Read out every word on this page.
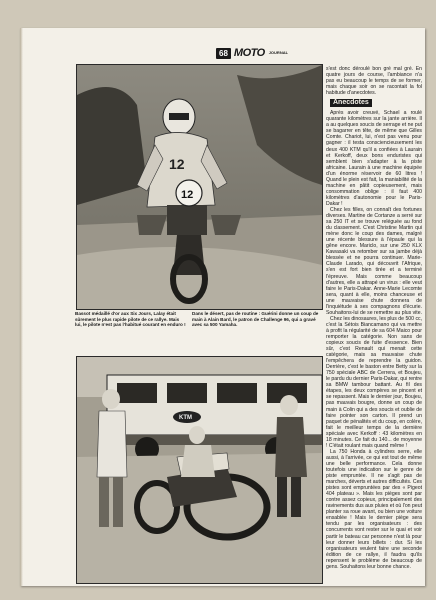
68 MOTO JOURNAL
12
12
Bassot médaillé d'or aux Six Jours, Lalay était sûrement le plus rapide pilote de ce rallye. Mais lui, le pilote n'est pas l'habitué courant en enduro !
Dans le désert, pas de routine : Guérini donne un coup de main à Alain Bard, le patron de Challenge 96, qui a gravé avec sa 500 Yamaha.
KTM

s'est donc déroulé bon gré mal gré. En quatre jours de course, l'ambiance n'a pas eu beaucoup le temps de se former, mais chaque soir on se racontait la fol habitude d'anecdotes.

Anecdotes

Après avoir creuvé, Schael a roulé quarante kilomètres sur la jante arrière. Il a au quelques soucis de serrage et ne put se bagarrer en tête, de même que Gilles Comte. Chariot, lui, n'est pas venu pour gagner : il testa consciencieusement les deux 400 KTM qu'il a confiées à Laurain et Kerkoff, deux bons enduristes qui semblent bien s'adapter à la piste africaine. Laurain à une machine équipée d'un énorme réservoir de 60 litres ! Quand le plein est fait, la maniabilité de la machine en pâtit copieusement, mais consommation oblige : il faut 400 kilomètres d'autonomie pour le Paris-Dakar !

Chez les filles, on connaît des fortunes diverses. Martine de Cortanze a serré sur sa 250 IT et se trouve reléguée au fond du classement. C'est Christine Martin qui mène donc le coup des dames, malgré une récente blessure à l'épaule qui la gêne encore. Mariclo, sur une 250 KLX Kawasaki va retomber sur sa jambe déjà blessée et ne pourra continuer. Marie-Claude Larado, qui découvrit l'Afrique, s'en est fort bien tirée et a terminé l'épreuve. Mais comme beaucoup d'autres, elle a attrapé un virus : elle veut faire le Paris-Dakar. Anne-Marie Lecomte sera, quant à elle, moins chanceuse et une mauvaise chute donnera de l'inquiétude à ses compagnons d'écurie. Souhaitons-lui de se remettre au plus vite.

Chez les dinosaures, les plus de 500 cc, c'est la Sétois Biancamano qui va mettre à profit la régularité de sa 604 Maico pour remporter la catégorie. Non sans de copieux soucis de fuite d'essence. Bien sûr, c'est Renault qui menait cette catégorie, mais sa mauvaise chute l'empêchera de reprendre la guidon. Derrière, c'est le baston entre Betty sur la 750 spéciale ABC de Cerrera, et Boujeu, le pardu du dernier Paris-Dakar, qui rentre sa BMW tambour battant. Au fil des étapes, les deux compères se pincent et se repassent. Mais le dernier jour, Boujeu, pas mauvais bougre, donne un coup de main à Colin qui a des soucis et oublie de faire pointer son carton. Il prend un paquet de pénalités et du coup, en colère, fait le meilleur temps de la dernière spéciale avec Kerkoff : 43 kilomètres en 18 minutes. Ce fait du 140... de moyenne ! C'était roulant mais quand même !

La 750 Honda à cylindres serre, elle aussi, à l'arrivée, ce qui est tout de même une belle performance. Cela donne toutefois une indication sur le genre de piste empruntée. Il ne s'agit pas de marches, déverts et autres difficultés. Ces pistes sont empruntées par des « Pigeot 404 plateau ». Mais les pièges sont par contre assez copieux, principalement des ravinements dus aux pluies et où l'on peut planter sa roue avant, ou bien une voiture ensablée ! Mais le dernier piège sera tendu par les organisateurs : des concurrents vont rester sur le quai et voir partir le bateau car personne n'est là pour leur donner leurs billets : dur. Si les organisateurs veulent faire une seconde édition de ce rallye, il faudra qu'ils repensent le problème de beaucoup de gens. Souhaitons leur bonne chance.
